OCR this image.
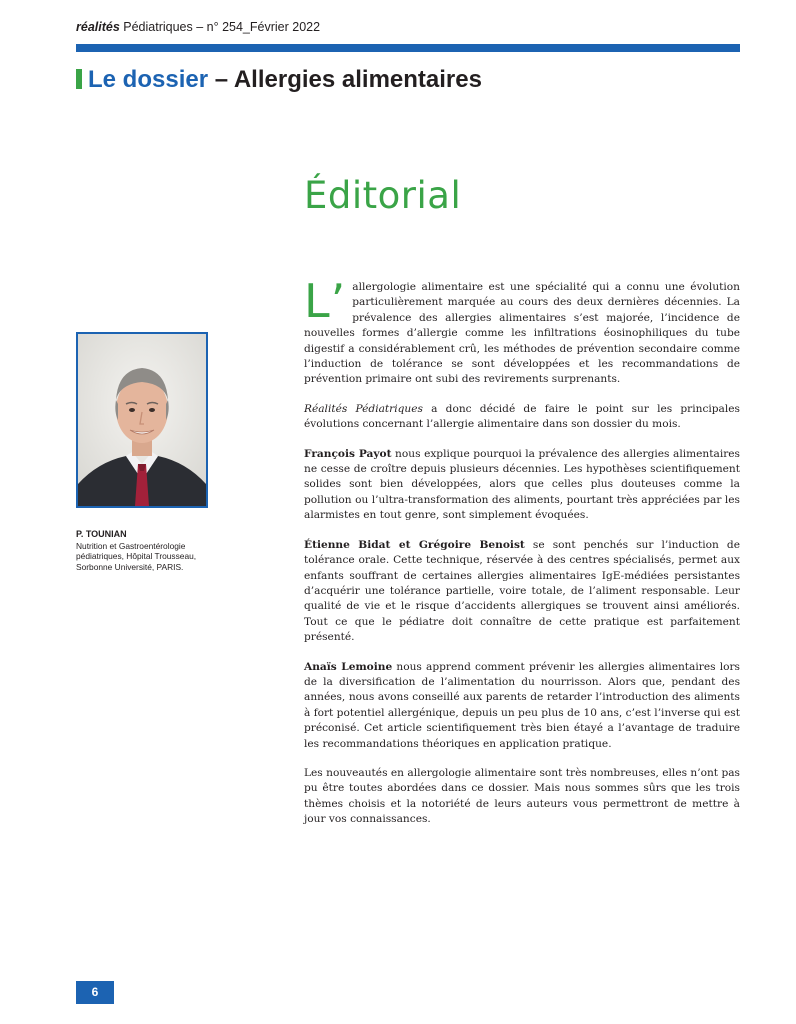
réalités Pédiatriques – n° 254_Février 2022
Le dossier – Allergies alimentaires
Éditorial
P. TOUNIAN
Nutrition et Gastroentérologie
pédiatriques, Hôpital Trousseau,
Sorbonne Université, PARIS.

L’ allergologie alimentaire est une spécialité qui a connu une évolution particulièrement marquée au cours des deux dernières décennies. La prévalence des allergies alimentaires s’est majorée, l’incidence de nouvelles formes d’allergie comme les infiltrations éosinophiliques du tube digestif a considérablement crû, les méthodes de prévention secondaire comme l’induction de tolérance se sont développées et les recommandations de prévention primaire ont subi des revirements surprenants.

Réalités Pédiatriques a donc décidé de faire le point sur les principales évolutions concernant l’allergie alimentaire dans son dossier du mois.

François Payot nous explique pourquoi la prévalence des allergies alimentaires ne cesse de croître depuis plusieurs décennies. Les hypothèses scientifiquement solides sont bien développées, alors que celles plus douteuses comme la pollution ou l’ultra-transformation des aliments, pourtant très appréciées par les alarmistes en tout genre, sont simplement évoquées.

Étienne Bidat et Grégoire Benoist se sont penchés sur l’induction de tolérance orale. Cette technique, réservée à des centres spécialisés, permet aux enfants souffrant de certaines allergies alimentaires IgE-médiées persistantes d’acquérir une tolérance partielle, voire totale, de l’aliment responsable. Leur qualité de vie et le risque d’accidents allergiques se trouvent ainsi améliorés. Tout ce que le pédiatre doit connaître de cette pratique est parfaitement présenté.

Anaïs Lemoine nous apprend comment prévenir les allergies alimentaires lors de la diversification de l’alimentation du nourrisson. Alors que, pendant des années, nous avons conseillé aux parents de retarder l’introduction des aliments à fort potentiel allergénique, depuis un peu plus de 10 ans, c’est l’inverse qui est préconisé. Cet article scientifiquement très bien étayé a l’avantage de traduire les recommandations théoriques en application pratique.

Les nouveautés en allergologie alimentaire sont très nombreuses, elles n’ont pas pu être toutes abordées dans ce dossier. Mais nous sommes sûrs que les trois thèmes choisis et la notoriété de leurs auteurs vous permettront de mettre à jour vos connaissances.

6
